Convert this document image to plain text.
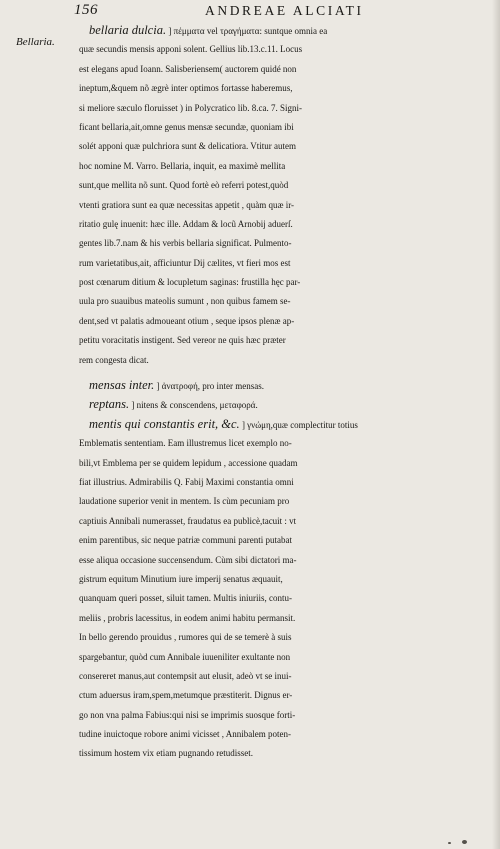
156	ANDREAE ALCIATI
Bellaria.
bellaria dulcia. ] πέμματα vel τραγήματα: suntque omnia ea
quæ secundis mensis apponi solent. Gellius lib.13.c.11. Locus
est elegans apud Ioann. Salisberiensem( auctorem quidé non
ineptum,&quem nõ ægrè inter optimos fortasse haberemus,
si meliore sæculo floruisset ) in Polycratico lib. 8.ca. 7. Signi-
ficant bellaria,ait,omne genus mensæ secundæ, quoniam ibi
solét apponi quæ pulchriora sunt & delicatiora. Vtitur autem
hoc nomine M. Varro. Bellaria, inquit, ea maximè mellita
sunt,que mellita nõ sunt. Quod fortè eò referri potest,quòd
vtenti gratiora sunt ea quæ necessitas appetit , quàm quæ ir-
ritatio gulę inuenit: hæc ille. Addam & locũ Arnobij aduerſ.
gentes lib.7.nam & his verbis bellaria significat. Pulmento-
rum varietatibus,ait, afficiuntur Dij cælites, vt fieri mos est
post cœnarum ditium & locupletum saginas: frustilla hęc par-
uula pro suauibus mateolis sumunt , non quibus famem se-
dent,sed vt palatis admoueant otium , seque ipsos plenæ ap-
petitu voracitatis instigent. Sed vereor ne quis hæc præter
rem congesta dicat.
mensas inter. ] ἀνατροφή, pro inter mensas.
reptans. ] nitens & conscendens, μεταφορά.
mentis qui constantis erit, &c. ] γνώμη,quæ complectitur totius
Emblematis sententiam. Eam illustremus licet exemplo no-
bili,vt Emblema per se quidem lepidum , accessione quadam
fiat illustrius. Admirabilis Q. Fabij Maximi constantia omni
laudatione superior venit in mentem. Is cùm pecuniam pro
captiuis Annibali numerasset, fraudatus ea publicè,tacuit : vt
enim parentibus, sic neque patriæ communi parenti putabat
esse aliqua occasione succensendum. Cùm sibi dictatori ma-
gistrum equitum Minutium iure imperij senatus æquauit,
quanquam queri posset, siluit tamen. Multis iniuriis, contu-
meliis , probris lacessitus, in eodem animi habitu permansit.
In bello gerendo prouidus , rumores qui de se temerè à suis
spargebantur, quòd cum Annibale iuueniliter exultante non
consereret manus,aut contempsit aut elusit, adeò vt se inui-
ctum aduersus iram,spem,metumque præstiterit. Dignus er-
go non vna palma Fabius:qui nisi se imprimis suosque forti-
tudine inuictoque robore animi vicisset , Annibalem poten-
tissimum hostem vix etiam pugnando retudisset.
